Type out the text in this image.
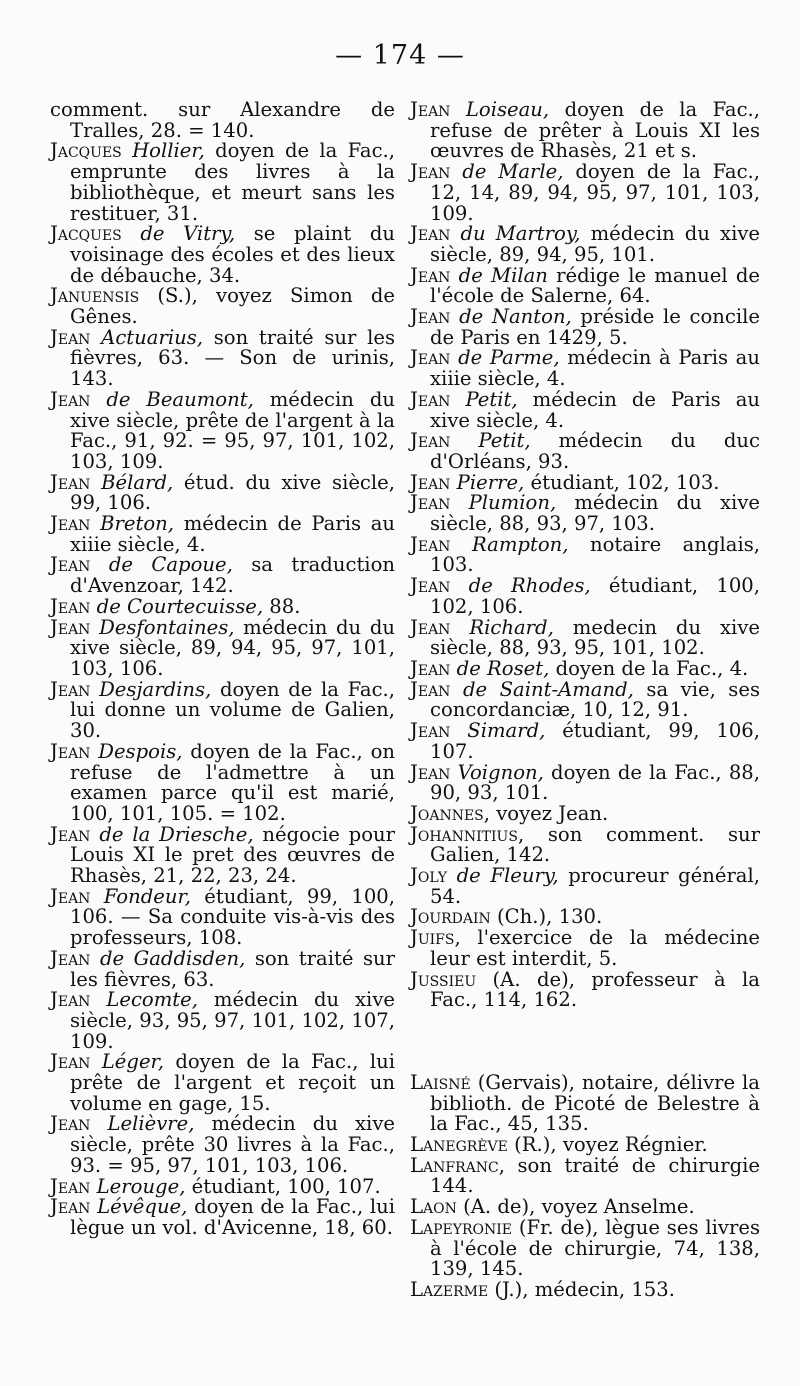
— 174 —
comment. sur Alexandre de Tralles, 28. = 140.
Jacques Hollier, doyen de la Fac., emprunte des livres à la bibliothèque, et meurt sans les restituer, 31.
Jacques de Vitry, se plaint du voisinage des écoles et des lieux de débauche, 34.
Januensis (S.), voyez Simon de Gênes.
Jean Actuarius, son traité sur les fièvres, 63. — Son de urinis, 143.
Jean de Beaumont, médecin du xive siècle, prête de l'argent à la Fac., 91, 92. = 95, 97, 101, 102, 103, 109.
Jean Bélard, étud. du xive siècle, 99, 106.
Jean Breton, médecin de Paris au xiiie siècle, 4.
Jean de Capoue, sa traduction d'Avenzoar, 142.
Jean de Courtecuisse, 88.
Jean Desfontaines, médecin du du xive siècle, 89, 94, 95, 97, 101, 103, 106.
Jean Desjardins, doyen de la Fac., lui donne un volume de Galien, 30.
Jean Despois, doyen de la Fac., on refuse de l'admettre à un examen parce qu'il est marié, 100, 101, 105. = 102.
Jean de la Driesche, négocie pour Louis XI le pret des œuvres de Rhasès, 21, 22, 23, 24.
Jean Fondeur, étudiant, 99, 100, 106. — Sa conduite vis-à-vis des professeurs, 108.
Jean de Gaddisden, son traité sur les fièvres, 63.
Jean Lecomte, médecin du xive siècle, 93, 95, 97, 101, 102, 107, 109.
Jean Léger, doyen de la Fac., lui prête de l'argent et reçoit un volume en gage, 15.
Jean Lelièvre, médecin du xive siècle, prête 30 livres à la Fac., 93. = 95, 97, 101, 103, 106.
Jean Lerouge, étudiant, 100, 107.
Jean Lévêque, doyen de la Fac., lui lègue un vol. d'Avicenne, 18, 60.
Jean Loiseau, doyen de la Fac., refuse de prêter à Louis XI les œuvres de Rhasès, 21 et s.
Jean de Marle, doyen de la Fac., 12, 14, 89, 94, 95, 97, 101, 103, 109.
Jean du Martroy, médecin du xive siècle, 89, 94, 95, 101.
Jean de Milan rédige le manuel de l'école de Salerne, 64.
Jean de Nanton, préside le concile de Paris en 1429, 5.
Jean de Parme, médecin à Paris au xiiie siècle, 4.
Jean Petit, médecin de Paris au xive siècle, 4.
Jean Petit, médecin du duc d'Orléans, 93.
Jean Pierre, étudiant, 102, 103.
Jean Plumion, médecin du xive siècle, 88, 93, 97, 103.
Jean Rampton, notaire anglais, 103.
Jean de Rhodes, étudiant, 100, 102, 106.
Jean Richard, medecin du xive siècle, 88, 93, 95, 101, 102.
Jean de Roset, doyen de la Fac., 4.
Jean de Saint-Amand, sa vie, ses concordanciæ, 10, 12, 91.
Jean Simard, étudiant, 99, 106, 107.
Jean Voignon, doyen de la Fac., 88, 90, 93, 101.
Joannes, voyez Jean.
Johannitius, son comment. sur Galien, 142.
Joly de Fleury, procureur général, 54.
Jourdain (Ch.), 130.
Juifs, l'exercice de la médecine leur est interdit, 5.
Jussieu (A. de), professeur à la Fac., 114, 162.
Laisné (Gervais), notaire, délivre la biblioth. de Picoté de Belestre à la Fac., 45, 135.
Lanegrève (R.), voyez Régnier.
Lanfranc, son traité de chirurgie 144.
Laon (A. de), voyez Anselme.
Lapeyronie (Fr. de), lègue ses livres à l'école de chirurgie, 74, 138, 139, 145.
Lazerme (J.), médecin, 153.
